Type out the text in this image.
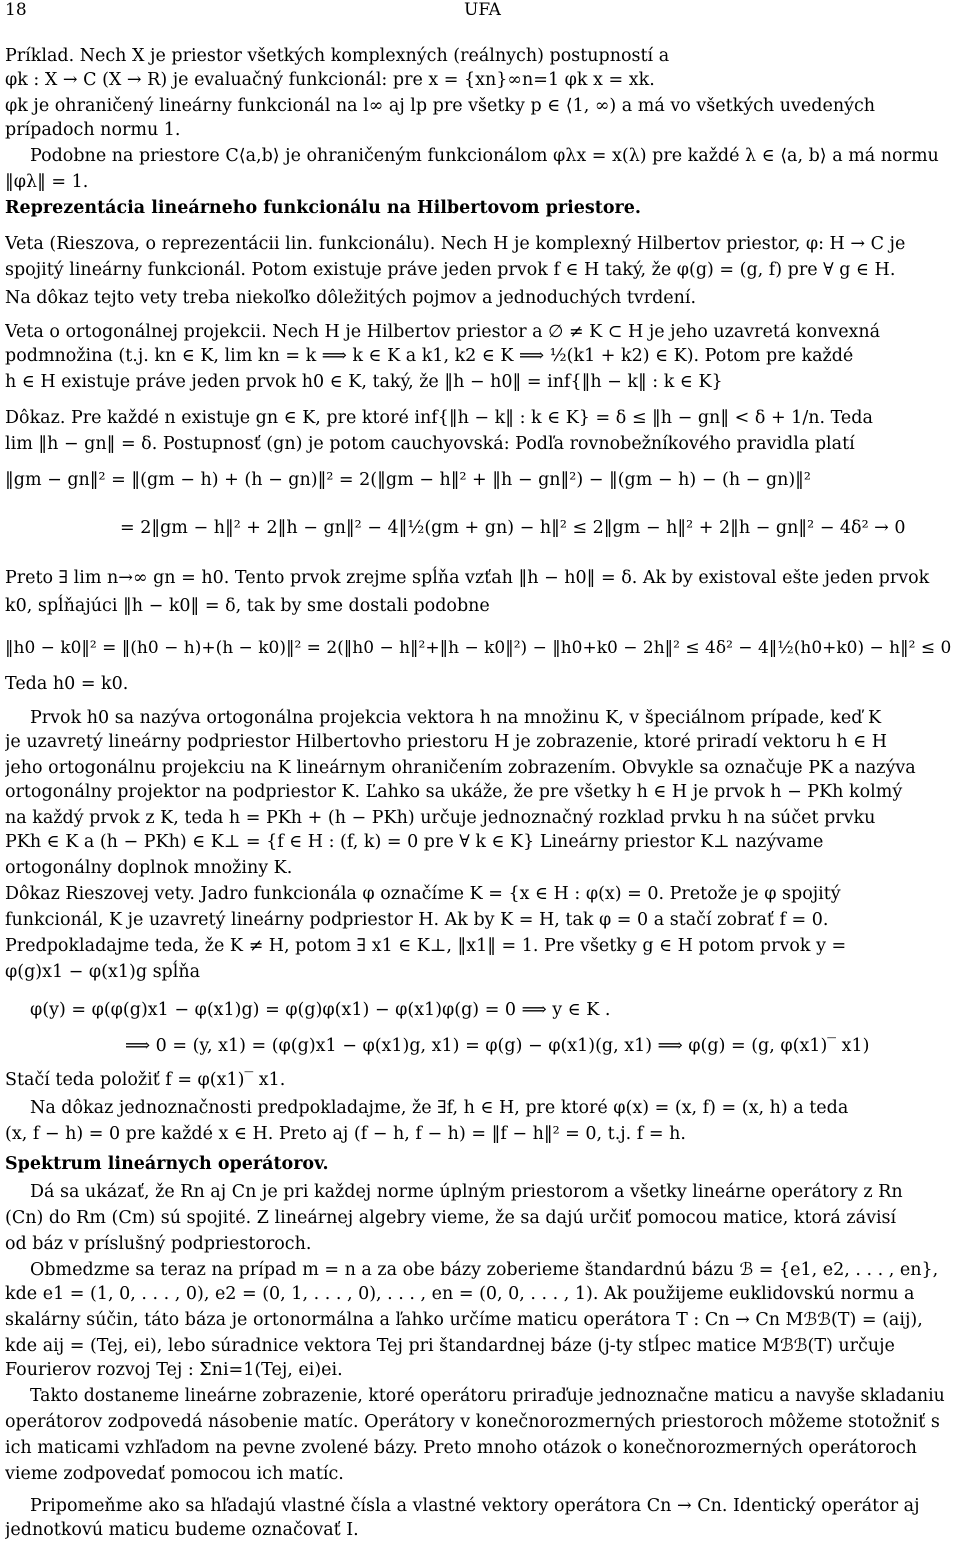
18	UFA
Príklad. Nech X je priestor všetkých komplexných (reálnych) postupností a
φk : X → C (X → R) je evaluačný funkcionál: pre x = {xn}∞n=1 φk x = xk.
φk je ohraničený lineárny funkcionál na l∞ aj lp pre všetky p ∈ ⟨1, ∞) a má vo všetkých uvedených
prípadoch normu 1.
Podobne na priestore C⟨a,b⟩ je ohraničeným funkcionálom φλx = x(λ) pre každé λ ∈ ⟨a, b⟩ a má normu
‖φλ‖ = 1.
Reprezentácia lineárneho funkcionálu na Hilbertovom priestore.
Veta (Rieszova, o reprezentácii lin. funkcionálu). Nech H je komplexný Hilbertov priestor, φ: H → C je
spojitý lineárny funkcionál. Potom existuje práve jeden prvok f ∈ H taký, že φ(g) = (g, f) pre ∀ g ∈ H.
Na dôkaz tejto vety treba niekoľko dôležitých pojmov a jednoduchých tvrdení.
Veta o ortogonálnej projekcii. Nech H je Hilbertov priestor a ∅ ≠ K ⊂ H je jeho uzavretá konvexná
podmnožina (t.j. kn ∈ K, lim kn = k ⟹ k ∈ K a k1, k2 ∈ K ⟹ ½(k1 + k2) ∈ K). Potom pre každé
h ∈ H existuje práve jeden prvok h0 ∈ K, taký, že ‖h − h0‖ = inf{‖h − k‖ : k ∈ K}
Dôkaz. Pre každé n existuje gn ∈ K, pre ktoré inf{‖h − k‖ : k ∈ K} = δ ≤ ‖h − gn‖ < δ + 1/n. Teda
lim ‖h − gn‖ = δ. Postupnosť (gn) je potom cauchyovská: Podľa rovnobežníkového pravidla platí
‖gm − gn‖² = ‖(gm − h) + (h − gn)‖² = 2(‖gm − h‖² + ‖h − gn‖²) − ‖(gm − h) − (h − gn)‖²
= 2‖gm − h‖² + 2‖h − gn‖² − 4‖½(gm + gn) − h‖² ≤ 2‖gm − h‖² + 2‖h − gn‖² − 4δ² → 0
Preto ∃ lim n→∞ gn = h0. Tento prvok zrejme spĺňa vzťah ‖h − h0‖ = δ. Ak by existoval ešte jeden prvok
k0, spĺňajúci ‖h − k0‖ = δ, tak by sme dostali podobne
‖h0 − k0‖² = ‖(h0 − h)+(h − k0)‖² = 2(‖h0 − h‖²+‖h − k0‖²) − ‖h0+k0 − 2h‖² ≤ 4δ² − 4‖½(h0+k0) − h‖² ≤ 0
Teda h0 = k0.
Prvok h0 sa nazýva ortogonálna projekcia vektora h na množinu K, v špeciálnom prípade, keď K
je uzavretý lineárny podpriestor Hilbertovho priestoru H je zobrazenie, ktoré priradí vektoru h ∈ H
jeho ortogonálnu projekciu na K lineárnym ohraničením zobrazením. Obvykle sa označuje PK a nazýva
ortogonálny projektor na podpriestor K. Ľahko sa ukáže, že pre všetky h ∈ H je prvok h − PKh kolmý
na každý prvok z K, teda h = PKh + (h − PKh) určuje jednoznačný rozklad prvku h na súčet prvku
PKh ∈ K a (h − PKh) ∈ K⊥ = {f ∈ H : (f, k) = 0 pre ∀ k ∈ K} Lineárny priestor K⊥ nazývame
ortogonálny doplnok množiny K.
Dôkaz Rieszovej vety. Jadro funkcionála φ označíme K = {x ∈ H : φ(x) = 0. Pretože je φ spojitý
funkcionál, K je uzavretý lineárny podpriestor H. Ak by K = H, tak φ = 0 a stačí zobrať f = 0.
Predpokladajme teda, že K ≠ H, potom ∃ x1 ∈ K⊥, ‖x1‖ = 1. Pre všetky g ∈ H potom prvok y =
φ(g)x1 − φ(x1)g spĺňa
φ(y) = φ(φ(g)x1 − φ(x1)g) = φ(g)φ(x1) − φ(x1)φ(g) = 0 ⟹ y ∈ K .
⟹ 0 = (y, x1) = (φ(g)x1 − φ(x1)g, x1) = φ(g) − φ(x1)(g, x1) ⟹ φ(g) = (g, φ(x1)‾ x1)
Stačí teda položiť f = φ(x1)‾ x1.
Na dôkaz jednoznačnosti predpokladajme, že ∃f, h ∈ H, pre ktoré φ(x) = (x, f) = (x, h) a teda
(x, f − h) = 0 pre každé x ∈ H. Preto aj (f − h, f − h) = ‖f − h‖² = 0, t.j. f = h.
Spektrum lineárnych operátorov.
Dá sa ukázať, že Rn aj Cn je pri každej norme úplným priestorom a všetky lineárne operátory z Rn
(Cn) do Rm (Cm) sú spojité. Z lineárnej algebry vieme, že sa dajú určiť pomocou matice, ktorá závisí
od báz v príslušný podpriestoroch.
Obmedzme sa teraz na prípad m = n a za obe bázy zoberieme štandardnú bázu ℬ = {e1, e2, . . . , en},
kde e1 = (1, 0, . . . , 0), e2 = (0, 1, . . . , 0), . . . , en = (0, 0, . . . , 1). Ak použijeme euklidovskú normu a
skalárny súčin, táto báza je ortonormálna a ľahko určíme maticu operátora T : Cn → Cn Mℬℬ(T) = (aij),
kde aij = (Tej, ei), lebo súradnice vektora Tej pri štandardnej báze (j-ty stĺpec matice Mℬℬ(T) určuje
Fourierov rozvoj Tej : Σni=1(Tej, ei)ei.
Takto dostaneme lineárne zobrazenie, ktoré operátoru priraďuje jednoznačne maticu a navyše skladaniu
operátorov zodpovedá násobenie matíc. Operátory v konečnorozmerných priestoroch môžeme stotožniť s
ich maticami vzhľadom na pevne zvolené bázy. Preto mnoho otázok o konečnorozmerných operátoroch
vieme zodpovedať pomocou ich matíc.
Pripomeňme ako sa hľadajú vlastné čísla a vlastné vektory operátora Cn → Cn. Identický operátor aj
jednotkovú maticu budeme označovať I.
